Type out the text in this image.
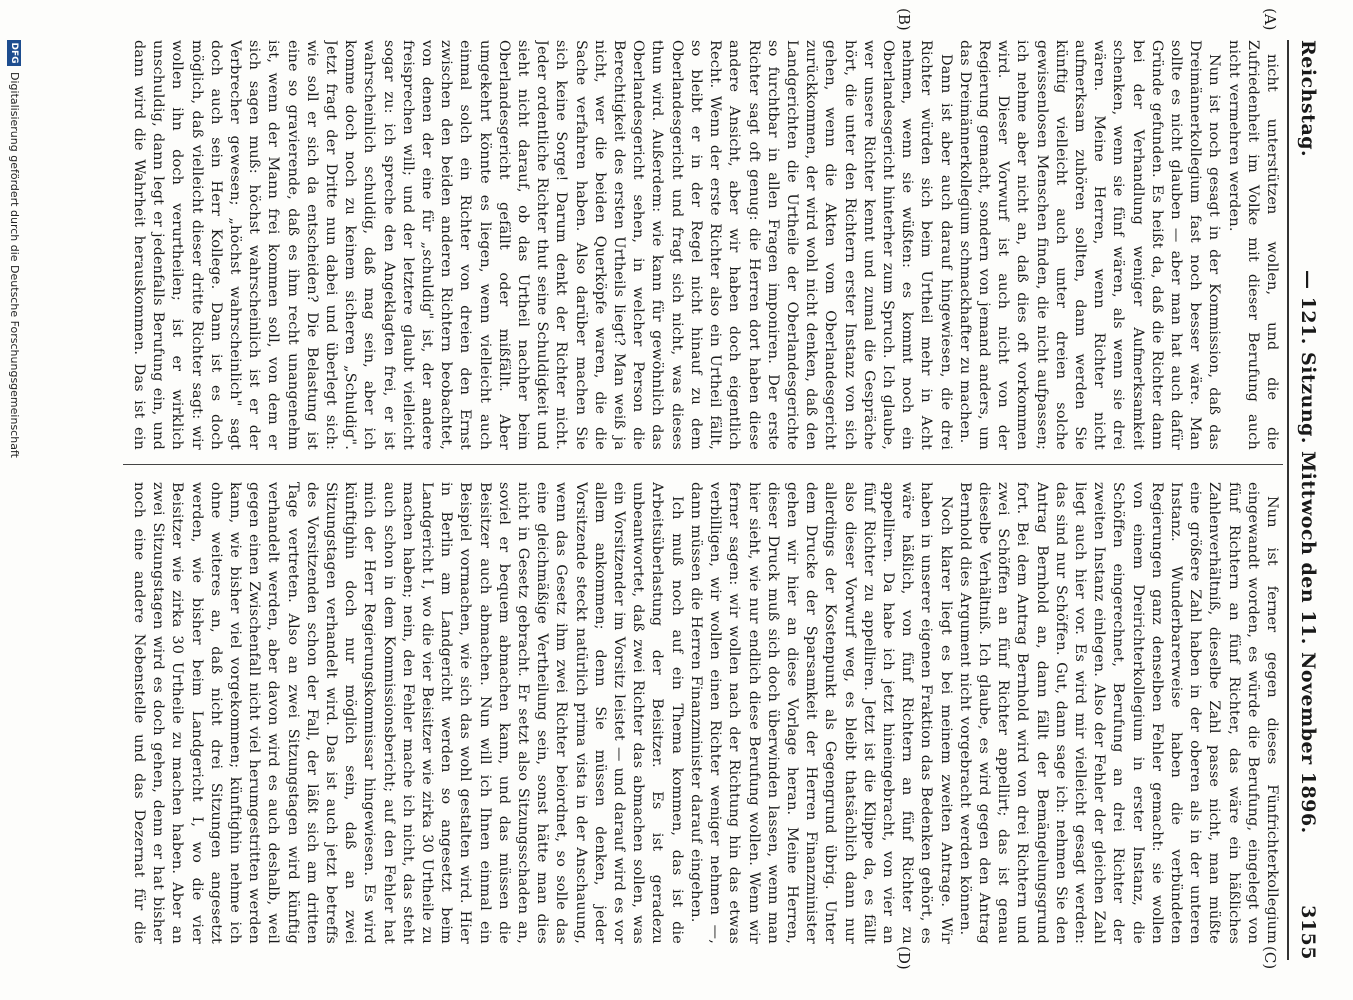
Reichstag.
— 121. Sitzung. Mittwoch den 11. November 1896.
3155
(A)
(B)
(C)
(D)

nicht unterstützen wollen, und die die Zufriedenheit im Volke mit dieser Berufung auch nicht vermehren werden.

Nun ist noch gesagt in der Kommission, daß das Dreimännerkollegium fast noch besser wäre. Man sollte es nicht glauben — aber man hat auch dafür Gründe gefunden. Es heißt da, daß die Richter dann bei der Verhandlung weniger Aufmerksamkeit schenken, wenn sie fünf wären, als wenn sie drei wären. Meine Herren, wenn Richter nicht aufmerksam zuhören sollten, dann werden Sie künftig vielleicht auch unter dreien solche gewissenlosen Menschen finden, die nicht aufpassen; ich nehme aber nicht an, daß dies oft vorkommen wird. Dieser Vorwurf ist auch nicht von der Regierung gemacht, sondern von jemand anders, um das Dreimännerkollegium schmackhafter zu machen.

Dann ist aber auch darauf hingewiesen, die drei Richter würden sich beim Urtheil mehr in Acht nehmen, wenn sie wüßten: es kommt noch ein Oberlandesgericht hinterher zum Spruch. Ich glaube, wer unsere Richter kennt und zumal die Gespräche hört, die unter den Richtern erster Instanz von sich gehen, wenn die Akten vom Oberlandesgericht zurückkommen, der wird wohl nicht denken, daß den Landgerichten die Urtheile der Oberlandesgerichte so furchtbar in allen Fragen imponiren. Der erste Richter sagt oft genug: die Herren dort haben diese andere Ansicht, aber wir haben doch eigentlich Recht. Wenn der erste Richter also ein Urtheil fällt, so bleibt er in der Regel nicht hinauf zu dem Oberlandesgericht und fragt sich nicht, was dieses thun wird. Außerdem: wie kann für gewöhnlich das Oberlandesgericht sehen, in welcher Person die Berechtigkeit des ersten Urtheils liegt? Man weiß ja nicht, wer die beiden Querköpfe waren, die die Sache verfahren haben. Also darüber machen Sie sich keine Sorge! Darum denkt der Richter nicht. Jeder ordentliche Richter thut seine Schuldigkeit und sieht nicht darauf, ob das Urtheil nachher beim Oberlandesgericht gefällt oder mißfällt. Aber umgekehrt könnte es liegen, wenn vielleicht auch einmal solch ein Richter von dreien den Ernst zwischen den beiden anderen Richtern beobachtet, von denen der eine für „schuldig" ist, der andere freisprechen will; und der letztere glaubt vielleicht sogar zu: ich spreche den Angeklagten frei, er ist wahrscheinlich schuldig, daß mag sein, aber ich komme doch noch zu keinem sicheren „Schuldig". Jetzt fragt der Dritte nun dabei und überlegt sich: wie soll er sich da entscheiden? Die Belastung ist eine so gravierende, daß es ihm recht unangenehm ist, wenn der Mann frei kommen soll, von dem er sich sagen muß: höchst wahrscheinlich ist er der Verbrecher gewesen; „höchst wahrscheinlich" sagt doch auch sein Herr Kollege. Dann ist es doch möglich, daß vielleicht dieser dritte Richter sagt: wir wollen ihn doch verurtheilen; ist er wirklich unschuldig, dann legt er jedenfalls Berufung ein, und dann wird die Wahrheit herauskommen. Das ist ein

Nun ist ferner gegen dieses Fünfrichterkollegium eingewandt worden, es würde die Berufung, eingelegt von fünf Richtern an fünf Richter, das wäre ein häßliches Zahlenverhältniß, dieselbe Zahl passe nicht, man müßte eine größere Zahl haben in der oberen als in der unteren Instanz. Wunderbarerweise haben die verbündeten Regierungen ganz denselben Fehler gemacht: sie wollen von einem Dreirichterkollegium in erster Instanz, die Schöffen eingerechnet, Berufung an drei Richter der zweiten Instanz einlegen. Also der Fehler der gleichen Zahl liegt auch hier vor. Es wird mir vielleicht gesagt werden: das sind nur Schöffen. Gut, dann sage ich: nehmen Sie den Antrag Bernhold an, dann fällt der Bemängelungsgrund fort. Bei dem Antrag Bernhold wird von drei Richtern und zwei Schöffen an fünf Richter appellirt; das ist genau dieselbe Verhältniß. Ich glaube, es wird gegen den Antrag Bernhold dies Argument nicht vorgebracht werden können.

Noch klarer liegt es bei meinem zweiten Antrage. Wir haben in unserer eigenen Fraktion das Bedenken gehört, es wäre häßlich, von fünf Richtern an fünf Richter zu appelliren. Da habe ich jetzt hineingebracht, von vier an fünf Richter zu appelliren. Jetzt ist die Klippe da, es fällt also dieser Vorwurf weg, es bleibt thatsächlich dann nur allerdings der Kostenpunkt als Gegengrund übrig. Unter dem Drucke der Sparsamkeit der Herren Finanzminister gehen wir hier an diese Vorlage heran. Meine Herren, dieser Druck muß sich doch überwinden lassen, wenn man hier sieht, wie nur endlich diese Berufung wollen. Wenn wir ferner sagen: wir wollen nach der Richtung hin das etwas verbilligen, wir wollen einen Richter weniger nehmen —, dann müssen die Herren Finanzminister darauf eingehen.

Ich muß noch auf ein Thema kommen, das ist die Arbeitsüberlastung der Beisitzer. Es ist geradezu unbeantwortet, daß zwei Richter das abmachen sollen, was ein Vorsitzender im Vorsitz leistet — und darauf wird es vor allem ankommen; denn Sie müssen denken, jeder Vorsitzende steckt natürlich prima vista in der Anschauung, wenn das Gesetz ihm zwei Richter beiordnet, so solle das eine gleichmäßige Vertheilung sein, sonst hätte man dies nicht in Gesetz gebracht. Er setzt also Sitzungsschaden an, soviel er bequem abmachen kann, und das müssen die Beisitzer auch abmachen. Nun will ich Ihnen einmal ein Beispiel vormachen, wie sich das wohl gestalten wird. Hier in Berlin am Landgericht werden so angesetzt beim Landgericht I, wo die vier Beisitzer wie zirka 30 Urtheile zu machen haben; nein, den Fehler mache ich nicht, das steht auch schon in dem Kommissionsbericht; auf den Fehler hat mich der Herr Regierungskommissar hingewiesen. Es wird künftighin doch nur möglich sein, daß an zwei Sitzungstagen verhandelt wird. Das ist auch jetzt betreffs des Vorsitzenden schon der Fall, der läßt sich am dritten Tage vertreten. Also an zwei Sitzungstagen wird künftig verhandelt werden, aber davon wird es auch deshalb, weil gegen einen Zwischenfall nicht viel herumgestritten werden kann, wie bisher viel vorgekommen; künftighin nehme ich ohne weiteres an, daß nicht drei Sitzungen angesetzt werden, wie bisher beim Landgericht I, wo die vier Beisitzer wie zirka 30 Urtheile zu machen haben. Aber an zwei Sitzungstagen wird es doch gehen, denn er hat bisher noch eine andere Nebenstelle und das Dezernat für die

DFG
Digitalisierung gefördert durch die Deutsche Forschungsgemeinschaft
